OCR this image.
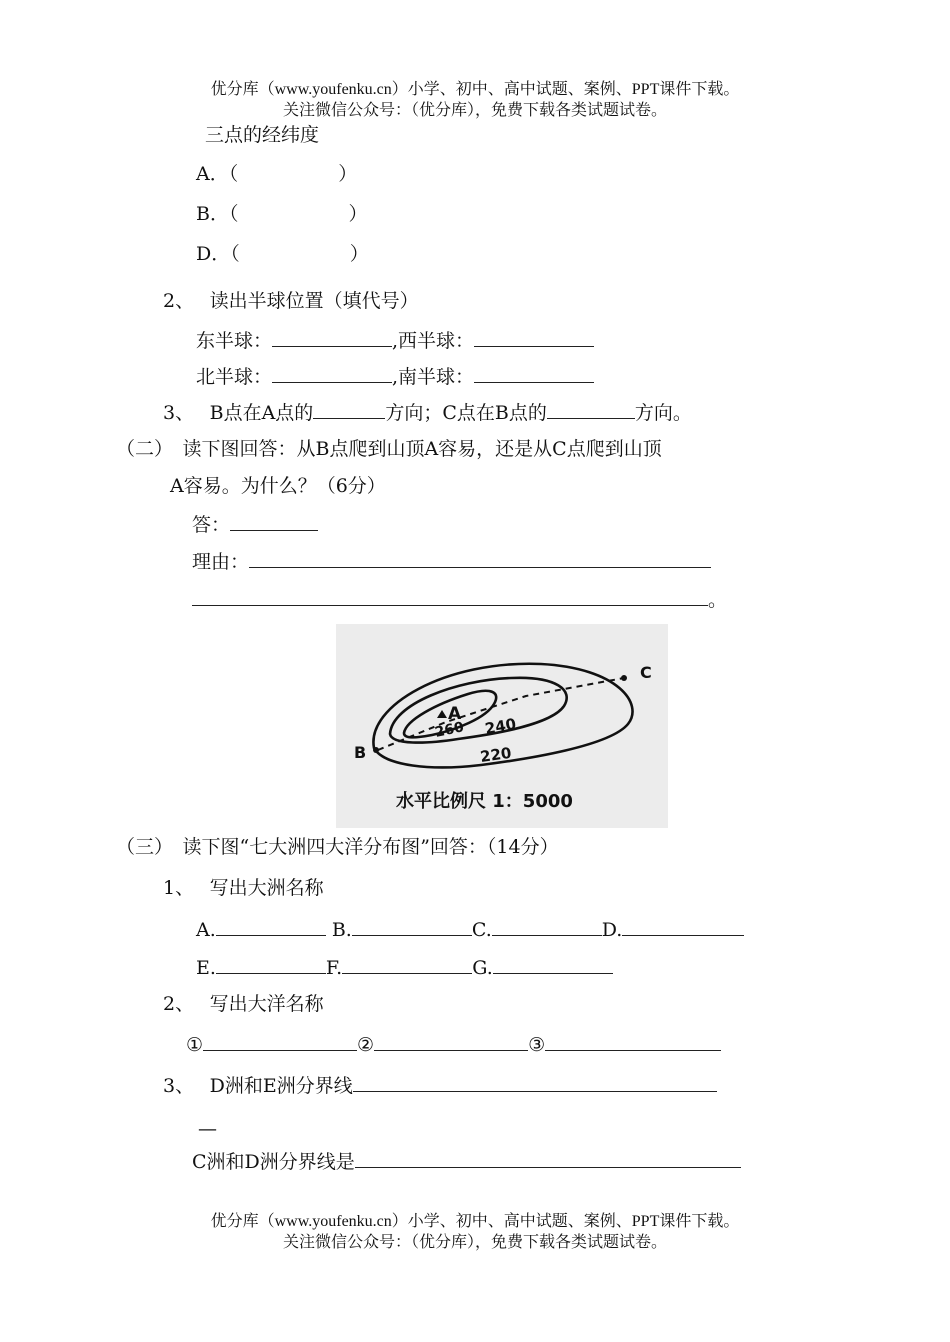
优分库（www.youfenku.cn）小学、初中、高中试题、案例、PPT课件下载。
关注微信公众号：（优分库），免费下载各类试题试卷。
三点的经纬度
A．（	）
B．（	）
D．（	）
2、　 读出半球位置（填代号）
东半球：	,西半球：
北半球：	,南半球：
3、　 B点在A点的	方向；C点在B点的	方向。
（二）　读下图回答：从B点爬到山顶A容易，还是从C点爬到山顶
A容易。为什么？（6分）
答：
理由：
。
A
B
C
260 240
220
水平比例尺 1：5000
（三）　读下图“七大洲四大洋分布图”回答：（14分）
1、　 写出大洲名称
A.	B.	C.	D.
E.	F.	G.
2、　 写出大洋名称
①	②	③
3、　 D洲和E洲分界线
—
C洲和D洲分界线是
优分库（www.youfenku.cn）小学、初中、高中试题、案例、PPT课件下载。
关注微信公众号：（优分库），免费下载各类试题试卷。
